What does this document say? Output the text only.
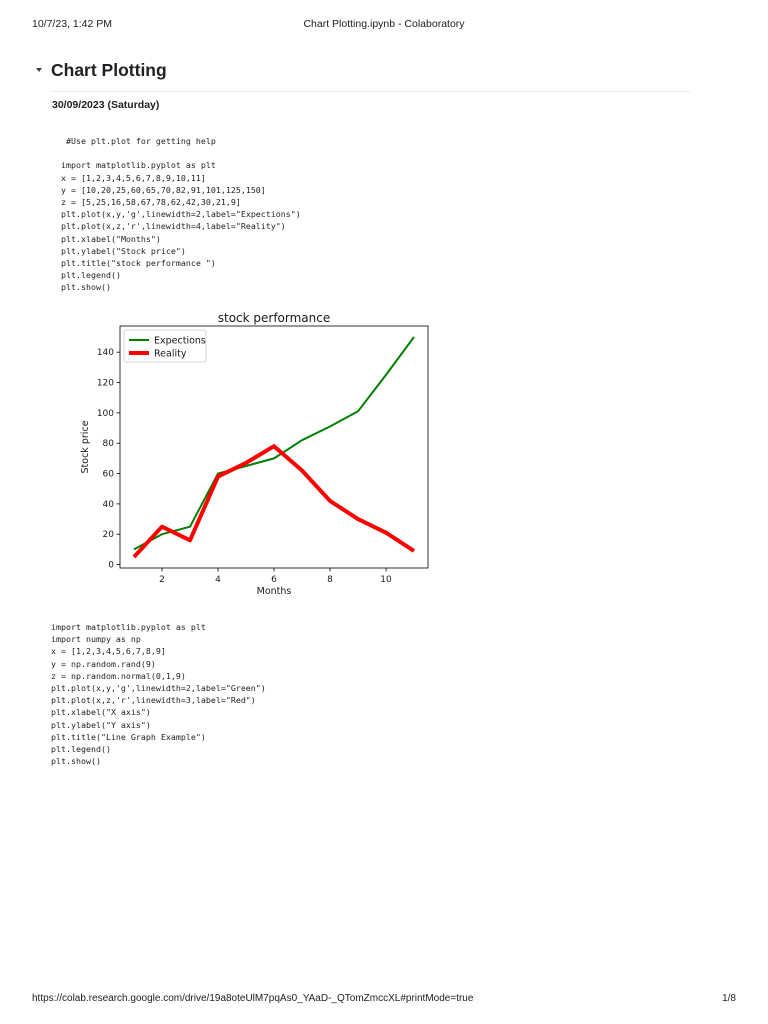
10/7/23, 1:42 PM	Chart Plotting.ipynb - Colaboratory
Chart Plotting
30/09/2023 (Saturday)
#Use plt.plot for getting help
import matplotlib.pyplot as plt
x = [1,2,3,4,5,6,7,8,9,10,11]
y = [10,20,25,60,65,70,82,91,101,125,150]
z = [5,25,16,58,67,78,62,42,30,21,9]
plt.plot(x,y,'g',linewidth=2,label="Expections")
plt.plot(x,z,'r',linewidth=4,label="Reality")
plt.xlabel("Months")
plt.ylabel("Stock price")
plt.title("stock performance ")
plt.legend()
plt.show()
stock performance
2	4	6	8	10
0
20
40
60
80
100
120
140
Months
Stock price
Expections
Reality
import matplotlib.pyplot as plt
import numpy as np
x = [1,2,3,4,5,6,7,8,9]
y = np.random.rand(9)
z = np.random.normal(0,1,9)
plt.plot(x,y,'g',linewidth=2,label="Green")
plt.plot(x,z,'r',linewidth=3,label="Red")
plt.xlabel("X axis")
plt.ylabel("Y axis")
plt.title("Line Graph Example")
plt.legend()
plt.show()
https://colab.research.google.com/drive/19a8oteUlM7pqAs0_YAaD-_QTomZmccXL#printMode=true	1/8
